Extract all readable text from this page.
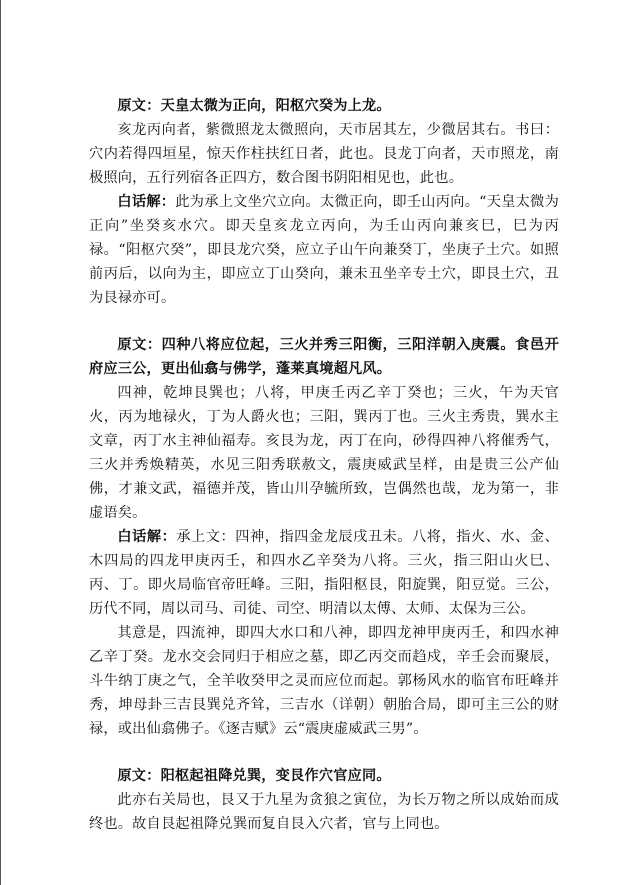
原文：天皇太微为正向，阳枢穴癸为上龙。

亥龙丙向者，紫微照龙太微照向，天市居其左，少微居其右。书曰：穴内若得四垣星，惊天作柱扶红日者，此也。艮龙丁向者，天市照龙，南极照向，五行列宿各正四方，数合图书阴阳相见也，此也。

白话解：此为承上文坐穴立向。太微正向，即壬山丙向。“天皇太微为正向”坐癸亥水穴。即天皇亥龙立丙向，为壬山丙向兼亥巳，巳为丙禄。“阳枢穴癸”，即艮龙穴癸，应立子山午向兼癸丁，坐庚子土穴。如照前丙后，以向为主，即应立丁山癸向，兼未丑坐辛专土穴，即艮土穴，丑为艮禄亦可。

原文：四种八将应位起，三火并秀三阳衡，三阳洋朝入庚震。食邑开府应三公，更出仙翕与佛学，蓬莱真境超凡风。

四神，乾坤艮巽也；八将，甲庚壬丙乙辛丁癸也；三火，午为天官火，丙为地禄火，丁为人爵火也；三阳，巽丙丁也。三火主秀贵，巽水主文章，丙丁水主神仙福寿。亥艮为龙，丙丁在向，砂得四神八将催秀气，三火并秀焕精英，水见三阳秀联赦文，震庚威武呈样，由是贵三公产仙佛，才兼文武，福德并茂，皆山川孕毓所致，岂偶然也哉，龙为第一，非虚语矣。

白话解：承上文：四神，指四金龙辰戌丑未。八将，指火、水、金、木四局的四龙甲庚丙壬，和四水乙辛癸为八将。三火，指三阳山火巳、丙、丁。即火局临官帝旺峰。三阳，指阳枢艮，阳旋巽，阳豆觉。三公，历代不同，周以司马、司徒、司空、明清以太傅、太师、太保为三公。

其意是，四流神，即四大水口和八神，即四龙神甲庚丙壬，和四水神乙辛丁癸。龙水交会同归于相应之墓，即乙丙交而趋戍，辛壬会而聚辰，斗牛纳丁庚之气，全羊收癸甲之灵而应位而起。郭杨风水的临官布旺峰并秀，坤母卦三吉艮巽兑齐耸，三吉水（详朝）朝胎合局，即可主三公的财禄，或出仙翕佛子。《逐吉赋》云“震庚虚威武三男”。

原文：阳枢起祖降兑巽，变艮作穴官应同。

此亦右关局也，艮又于九星为贪狼之寅位，为长万物之所以成始而成终也。故自艮起祖降兑巽而复自艮入穴者，官与上同也。
